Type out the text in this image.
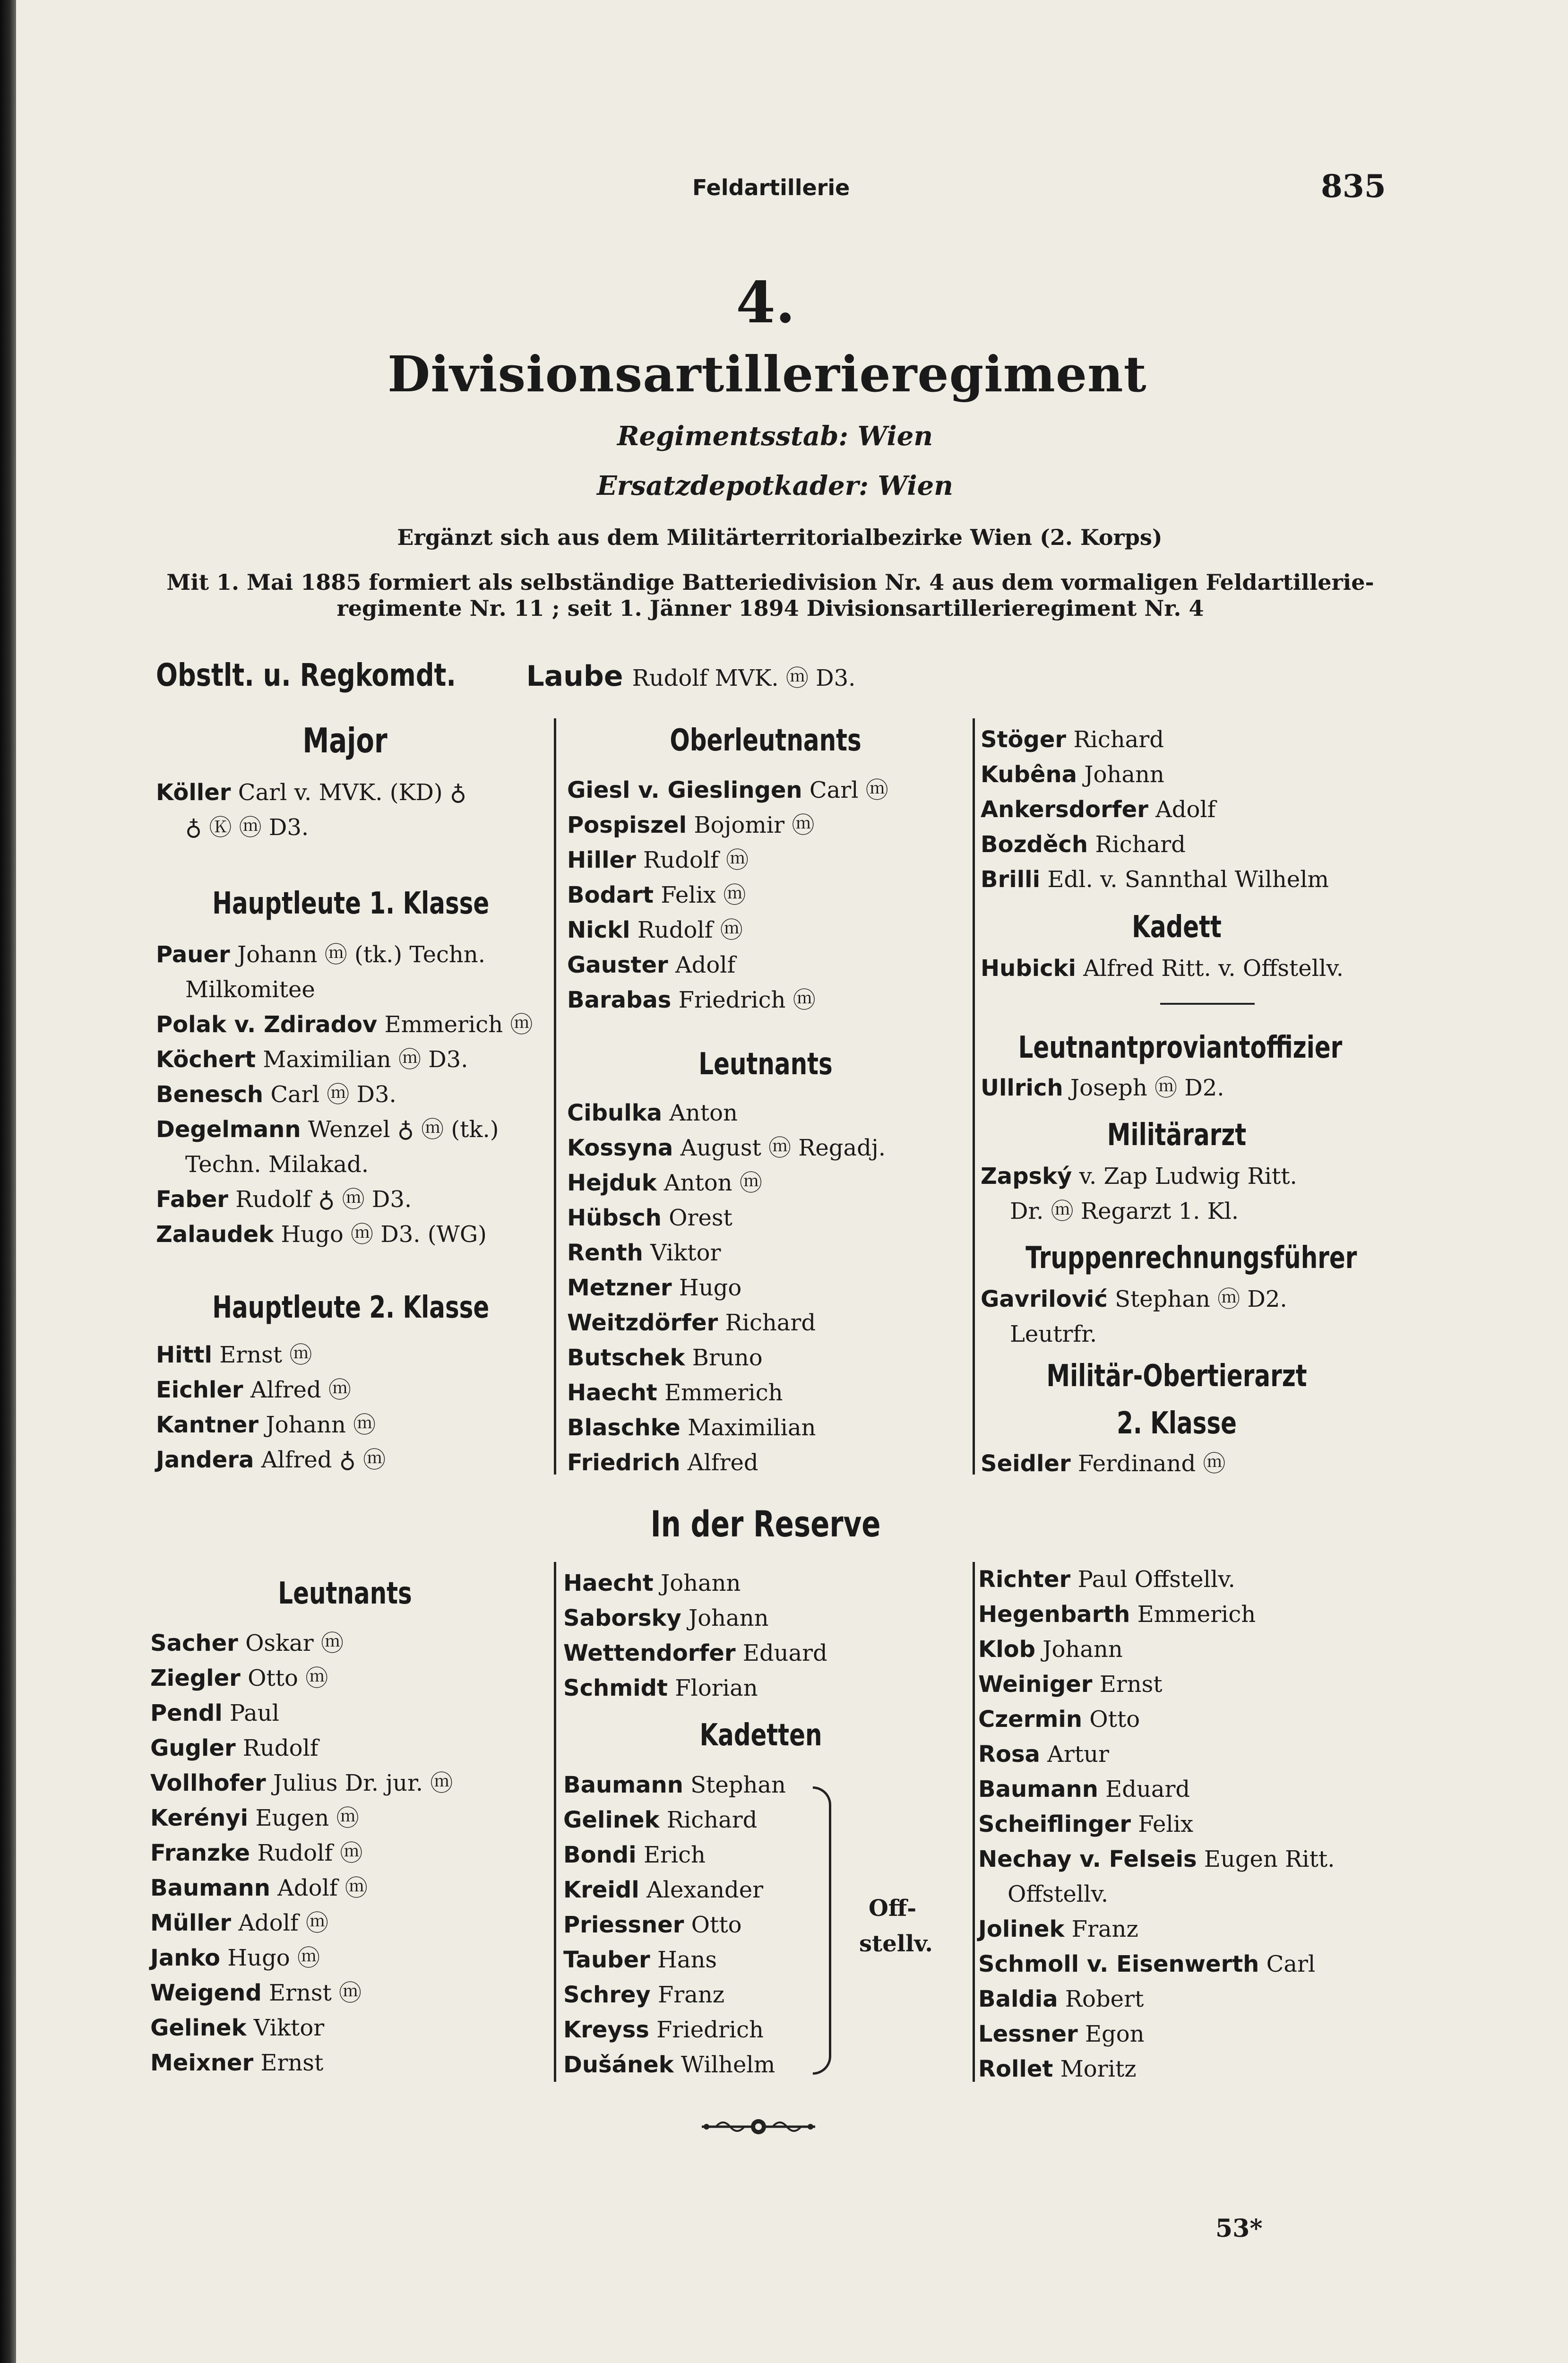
Feldartillerie	835
4.
Divisionsartillerieregiment
Regimentsstab: Wien
Ersatzdepotkader: Wien
Ergänzt sich aus dem Militärterritorialbezirke Wien (2. Korps)
Mit 1. Mai 1885 formiert als selbständige Batteriedivision Nr. 4 aus dem vormaligen Feldartillerie-
regimente Nr. 11 ; seit 1. Jänner 1894 Divisionsartillerieregiment Nr. 4
Obstlt. u. Regkomdt. Laube Rudolf MVK. ⓜ D3.
Major
Köller Carl v. MVK. (KD) ♁
♁ Ⓚ ⓜ D3.
Hauptleute 1. Klasse
Pauer Johann ⓜ (tk.) Techn.
Milkomitee
Polak v. Zdiradov Emmerich ⓜ
Köchert Maximilian ⓜ D3.
Benesch Carl ⓜ D3.
Degelmann Wenzel ♁ ⓜ (tk.)
Techn. Milakad.
Faber Rudolf ♁ ⓜ D3.
Zalaudek Hugo ⓜ D3. (WG)
Hauptleute 2. Klasse
Hittl Ernst ⓜ
Eichler Alfred ⓜ
Kantner Johann ⓜ
Jandera Alfred ♁ ⓜ
Oberleutnants
Giesl v. Gieslingen Carl ⓜ
Pospiszel Bojomir ⓜ
Hiller Rudolf ⓜ
Bodart Felix ⓜ
Nickl Rudolf ⓜ
Gauster Adolf
Barabas Friedrich ⓜ
Leutnants
Cibulka Anton
Kossyna August ⓜ Regadj.
Hejduk Anton ⓜ
Hübsch Orest
Renth Viktor
Metzner Hugo
Weitzdörfer Richard
Butschek Bruno
Haecht Emmerich
Blaschke Maximilian
Friedrich Alfred
Stöger Richard
Kubêna Johann
Ankersdorfer Adolf
Bozděch Richard
Brilli Edl. v. Sannthal Wilhelm
Kadett
Hubicki Alfred Ritt. v. Offstellv.
Leutnantproviantoffizier
Ullrich Joseph ⓜ D2.
Militärarzt
Zapský v. Zap Ludwig Ritt.
Dr. ⓜ Regarzt 1. Kl.
Truppenrechnungsführer
Gavrilović Stephan ⓜ D2.
Leutrfr.
Militär-Obertierarzt
2. Klasse
Seidler Ferdinand ⓜ
In der Reserve
Leutnants
Sacher Oskar ⓜ
Ziegler Otto ⓜ
Pendl Paul
Gugler Rudolf
Vollhofer Julius Dr. jur. ⓜ
Kerényi Eugen ⓜ
Franzke Rudolf ⓜ
Baumann Adolf ⓜ
Müller Adolf ⓜ
Janko Hugo ⓜ
Weigend Ernst ⓜ
Gelinek Viktor
Meixner Ernst
Haecht Johann
Saborsky Johann
Wettendorfer Eduard
Schmidt Florian
Kadetten
Baumann Stephan
Gelinek Richard
Bondi Erich
Kreidl Alexander
Priessner Otto
Tauber Hans
Schrey Franz
Kreyss Friedrich
Dušánek Wilhelm
Off-
stellv.
Richter Paul Offstellv.
Hegenbarth Emmerich
Klob Johann
Weiniger Ernst
Czermin Otto
Rosa Artur
Baumann Eduard
Scheiflinger Felix
Nechay v. Felseis Eugen Ritt.
Offstellv.
Jolinek Franz
Schmoll v. Eisenwerth Carl
Baldia Robert
Lessner Egon
Rollet Moritz
53*
